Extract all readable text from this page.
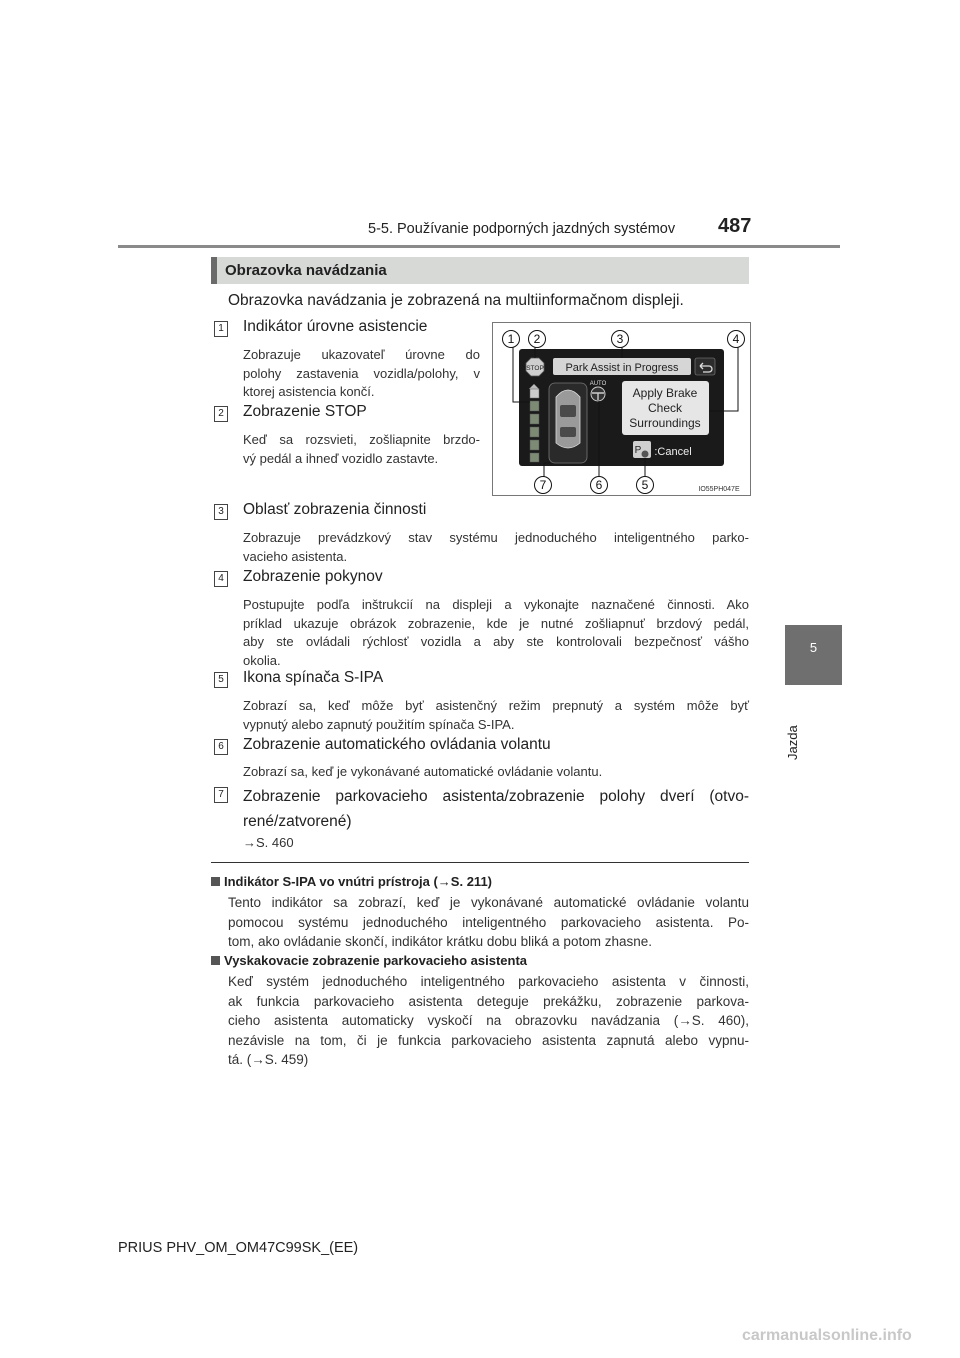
5-5. Používanie podporných jazdných systémov 487
5
Jazda
Obrazovka navádzania
Obrazovka navádzania je zobrazená na multiinformačnom displeji.
1 Indikátor úrovne asistencie
Zobrazuje ukazovateľ úrovne do
polohy zastavenia vozidla/polohy, v
ktorej asistencia končí.
2 Zobrazenie STOP
Keď sa rozsvieti, zošliapnite brzdo-
vý pedál a ihneď vozidlo zastavte.
Park Assist in Progress
STOP
AUTO
Apply Brake
Check
Surroundings
P :Cancel
1 2	3	4
5
6
7	IO55PH047E
3 Oblasť zobrazenia činnosti
Zobrazuje prevádzkový stav systému jednoduchého inteligentného parko-
vacieho asistenta.
4 Zobrazenie pokynov
Postupujte podľa inštrukcií na displeji a vykonajte naznačené činnosti. Ako
príklad ukazuje obrázok zobrazenie, kde je nutné zošliapnuť brzdový pedál,
aby ste ovládali rýchlosť vozidla a aby ste kontrolovali bezpečnosť vášho
okolia.
5 Ikona spínača S-IPA
Zobrazí sa, keď môže byť asistenčný režim prepnutý a systém môže byť
vypnutý alebo zapnutý použitím spínača S-IPA.
6 Zobrazenie automatického ovládania volantu
Zobrazí sa, keď je vykonávané automatické ovládanie volantu.
7 Zobrazenie parkovacieho asistenta/zobrazenie polohy dverí (otvo-
rené/zatvorené)
→S. 460
Indikátor S-IPA vo vnútri prístroja (→S. 211)
Tento indikátor sa zobrazí, keď je vykonávané automatické ovládanie volantu
pomocou systému jednoduchého inteligentného parkovacieho asistenta. Po-
tom, ako ovládanie skončí, indikátor krátku dobu bliká a potom zhasne.
Vyskakovacie zobrazenie parkovacieho asistenta
Keď systém jednoduchého inteligentného parkovacieho asistenta v činnosti,
ak funkcia parkovacieho asistenta deteguje prekážku, zobrazenie parkova-
cieho asistenta automaticky vyskočí na obrazovku navádzania (→S. 460),
nezávisle na tom, či je funkcia parkovacieho asistenta zapnutá alebo vypnu-
tá. (→S. 459)
PRIUS PHV_OM_OM47C99SK_(EE)
carmanualsonline.info
